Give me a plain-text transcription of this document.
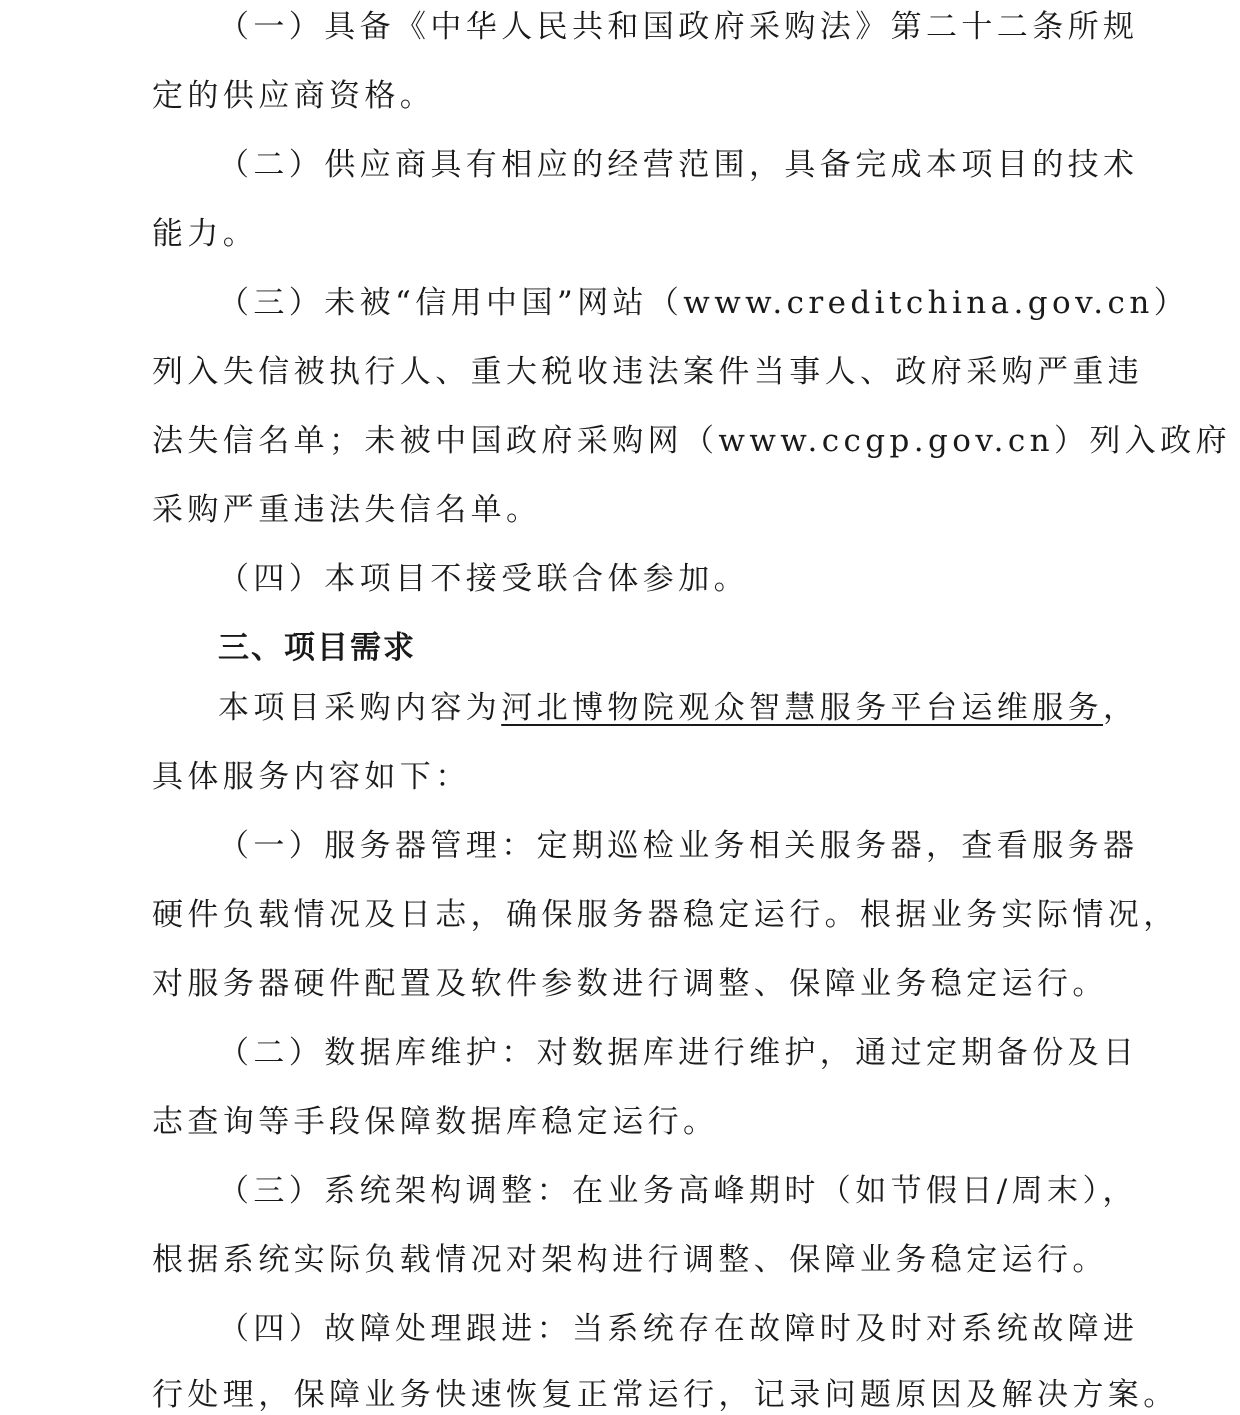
（一）具备《中华人民共和国政府采购法》第二十二条所规
定的供应商资格。
（二）供应商具有相应的经营范围，具备完成本项目的技术
能力。
（三）未被“信用中国”网站（www.creditchina.gov.cn）
列入失信被执行人、重大税收违法案件当事人、政府采购严重违
法失信名单；未被中国政府采购网（www.ccgp.gov.cn）列入政府
采购严重违法失信名单。
（四）本项目不接受联合体参加。
三、项目需求
本项目采购内容为河北博物院观众智慧服务平台运维服务，
具体服务内容如下：
（一）服务器管理：定期巡检业务相关服务器，查看服务器
硬件负载情况及日志，确保服务器稳定运行。根据业务实际情况，
对服务器硬件配置及软件参数进行调整、保障业务稳定运行。
（二）数据库维护：对数据库进行维护，通过定期备份及日
志查询等手段保障数据库稳定运行。
（三）系统架构调整：在业务高峰期时（如节假日/周末），
根据系统实际负载情况对架构进行调整、保障业务稳定运行。
（四）故障处理跟进：当系统存在故障时及时对系统故障进
行处理，保障业务快速恢复正常运行，记录问题原因及解决方案。
